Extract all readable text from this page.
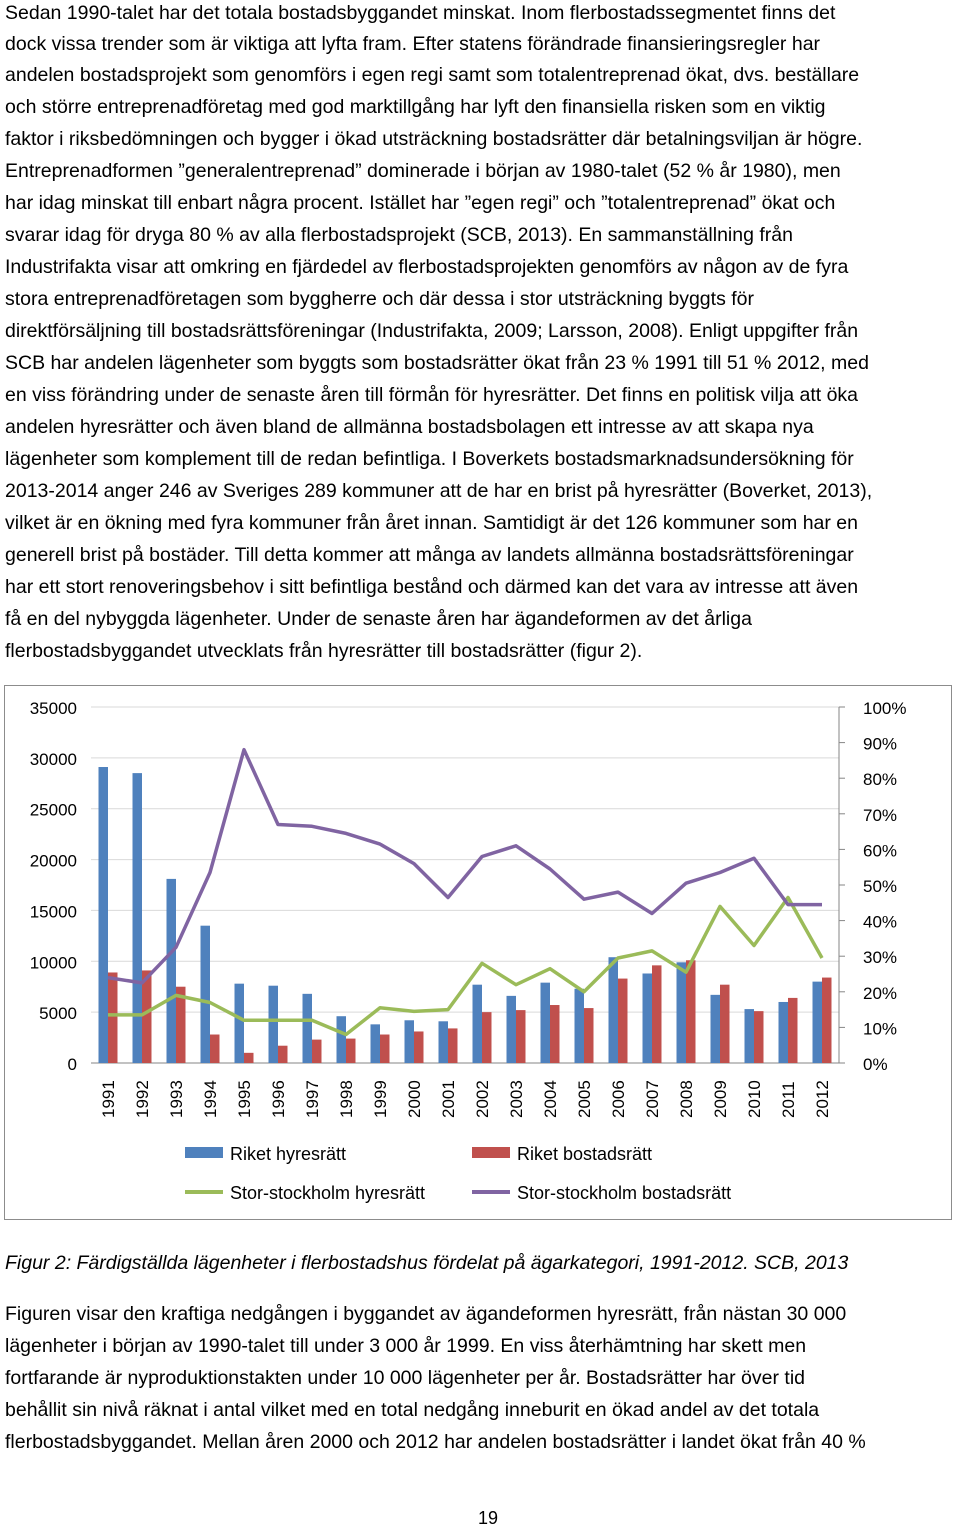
Sedan 1990-talet har det totala bostadsbyggandet minskat. Inom flerbostadssegmentet finns det
dock vissa trender som är viktiga att lyfta fram. Efter statens förändrade finansieringsregler har
andelen bostadsprojekt som genomförs i egen regi samt som totalentreprenad ökat, dvs. beställare
och större entreprenadföretag med god marktillgång har lyft den finansiella risken som en viktig
faktor i riksbedömningen och bygger i ökad utsträckning bostadsrätter där betalningsviljan är högre.
Entreprenadformen ”generalentreprenad” dominerade i början av 1980-talet (52 % år 1980), men
har idag minskat till enbart några procent. Istället har ”egen regi” och ”totalentreprenad” ökat och
svarar idag för dryga 80 % av alla flerbostadsprojekt (SCB, 2013). En sammanställning från
Industrifakta visar att omkring en fjärdedel av flerbostadsprojekten genomförs av någon av de fyra
stora entreprenadföretagen som byggherre och där dessa i stor utsträckning byggts för
direktförsäljning till bostadsrättsföreningar (Industrifakta, 2009; Larsson, 2008). Enligt uppgifter från
SCB har andelen lägenheter som byggts som bostadsrätter ökat från 23 % 1991 till 51 % 2012, med
en viss förändring under de senaste åren till förmån för hyresrätter. Det finns en politisk vilja att öka
andelen hyresrätter och även bland de allmänna bostadsbolagen ett intresse av att skapa nya
lägenheter som komplement till de redan befintliga. I Boverkets bostadsmarknadsundersökning för
2013-2014 anger 246 av Sveriges 289 kommuner att de har en brist på hyresrätter (Boverket, 2013),
vilket är en ökning med fyra kommuner från året innan. Samtidigt är det 126 kommuner som har en
generell brist på bostäder. Till detta kommer att många av landets allmänna bostadsrättsföreningar
har ett stort renoveringsbehov i sitt befintliga bestånd och därmed kan det vara av intresse att även
få en del nybyggda lägenheter. Under de senaste åren har ägandeformen av det årliga
flerbostadsbyggandet utvecklats från hyresrätter till bostadsrätter (figur 2).
35000
30000
25000
20000
15000
10000
5000
0
100%
90%
80%
70%
60%
50%
40%
30%
20%
10%
0%
1991 1992 1993 1994 1995 1996 1997 1998 1999 2000 2001 2002 2003 2004 2005 2006 2007 2008 2009 2010 2011 2012
Riket hyresrätt	Riket bostadsrätt
Stor-stockholm hyresrätt	Stor-stockholm bostadsrätt
Figur 2: Färdigställda lägenheter i flerbostadshus fördelat på ägarkategori, 1991-2012. SCB, 2013
Figuren visar den kraftiga nedgången i byggandet av ägandeformen hyresrätt, från nästan 30 000
lägenheter i början av 1990-talet till under 3 000 år 1999. En viss återhämtning har skett men
fortfarande är nyproduktionstakten under 10 000 lägenheter per år. Bostadsrätter har över tid
behållit sin nivå räknat i antal vilket med en total nedgång inneburit en ökad andel av det totala
flerbostadsbyggandet. Mellan åren 2000 och 2012 har andelen bostadsrätter i landet ökat från 40 %
19
